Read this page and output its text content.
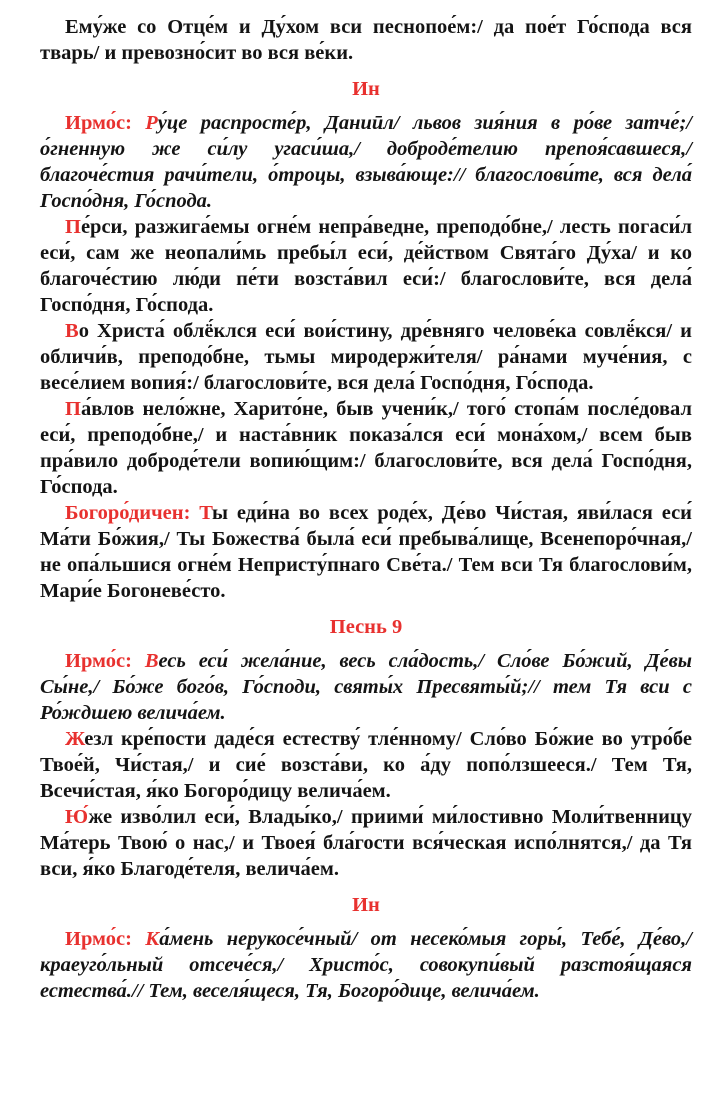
Ему́же со Отце́м и Ду́хом вси песнопое́м:/ да пое́т Го́спода вся тварь/ и превозно́сит во вся ве́ки.

Ин

Ирмо́с: Ру́це распросте́р, Даниӣл/ львов зия́ния в ро́ве затче́;/ о́гненную же си́лу угаси́ша,/ доброде́телию препоя́савшеся,/ благоче́стия рачи́тели, о́троцы, взыва́юще:// благослови́те, вся дела́ Госпо́дня, Го́спода.

Пе́рси, разжига́емы огне́м непра́ведне, преподо́бне,/ лесть погаси́л еси́, сам же неопали́мь пребы́л еси́, де́йством Свята́го Ду́ха/ и ко благоче́стию лю́ди пе́ти возста́вил еси́:/ благослови́те, вся дела́ Госпо́дня, Го́спода.

Во Христа́ облё́клся еси́ вои́стину, дре́вняго челове́ка совлё́кся/ и обличи́в, преподо́бне, тьмы миродержи́теля/ ра́нами муче́ния, с весе́лием вопия́:/ благослови́те, вся дела́ Госпо́дня, Го́спода.

Па́влов нело́жне, Харито́не, быв учени́к,/ того́ стопа́м после́довал еси́, преподо́бне,/ и наста́вник показа́лся еси́ мона́хом,/ всем быв пра́вило доброде́тели вопию́щим:/ благослови́те, вся дела́ Госпо́дня, Го́спода.

Богоро́дичен: Ты еди́на во всех роде́х, Де́во Чи́стая, яви́лася еси́ Ма́ти Бо́жия,/ Ты Божества́ была́ еси́ пребыва́лище, Всенепоро́чная,/ не опа́льшися огне́м Непристу́пнаго Све́та./ Тем вси Тя благослови́м, Мари́е Богоневе́сто.

Песнь 9

Ирмо́с: Весь еси́ жела́ние, весь сла́дость,/ Сло́ве Бо́жий, Де́вы Сы́не,/ Бо́же бого́в, Го́споди, святы́х Пресвяты́й;// тем Тя вси с Ро́ждшею велича́ем.

Жезл кре́пости даде́ся естеству́ тле́нному/ Сло́во Бо́жие во утро́бе Твое́й, Чи́стая,/ и сие́ возста́ви, ко а́ду попо́лзшееся./ Тем Тя, Всечи́стая, я́ко Богоро́дицу велича́ем.

Ю́же изво́лил еси́, Влады́ко,/ приими́ ми́лостивно Моли́твенницу Ма́терь Твою́ о нас,/ и Твоея́ бла́гости вся́ческая испо́лнятся,/ да Тя вси, я́ко Благоде́теля, велича́ем.

Ин

Ирмо́с: Ка́мень нерукосе́чный/ от несеко́мыя горы́, Тебе́, Де́во,/ краеуго́льный отсече́ся,/ Христо́с, совокупи́вый разстоя́щаяся естества́.// Тем, веселя́щеся, Тя, Богоро́дице, велича́ем.
